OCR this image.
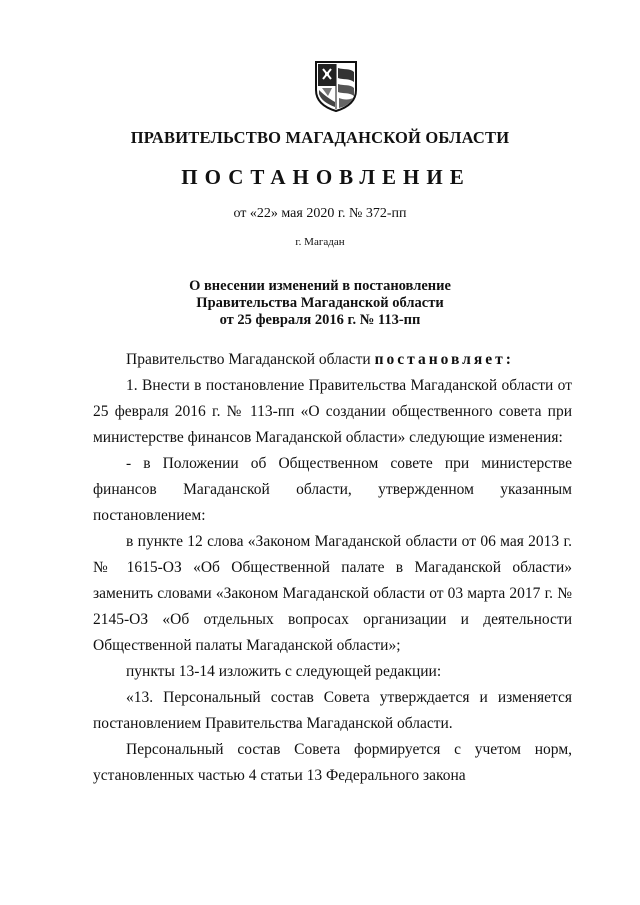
ПРАВИТЕЛЬСТВО МАГАДАНСКОЙ ОБЛАСТИ
ПОСТАНОВЛЕНИЕ
от «22» мая 2020 г. № 372-пп
г. Магадан
О внесении изменений в постановление
Правительства Магаданской области
от 25 февраля 2016 г. № 113-пп

Правительство Магаданской области постановляет:

1. Внести в постановление Правительства Магаданской области от 25 февраля 2016 г. № 113-пп «О создании общественного совета при министерстве финансов Магаданской области» следующие изменения:

- в Положении об Общественном совете при министерстве финансов Магаданской области, утвержденном указанным постановлением:

в пункте 12 слова «Законом Магаданской области от 06 мая 2013 г. № 1615-ОЗ «Об Общественной палате в Магаданской области» заменить словами «Законом Магаданской области от 03 марта 2017 г. № 2145-ОЗ «Об отдельных вопросах организации и деятельности Общественной палаты Магаданской области»;

пункты 13-14 изложить с следующей редакции:

«13. Персональный состав Совета утверждается и изменяется постановлением Правительства Магаданской области.

Персональный состав Совета формируется с учетом норм, установленных частью 4 статьи 13 Федерального закона
